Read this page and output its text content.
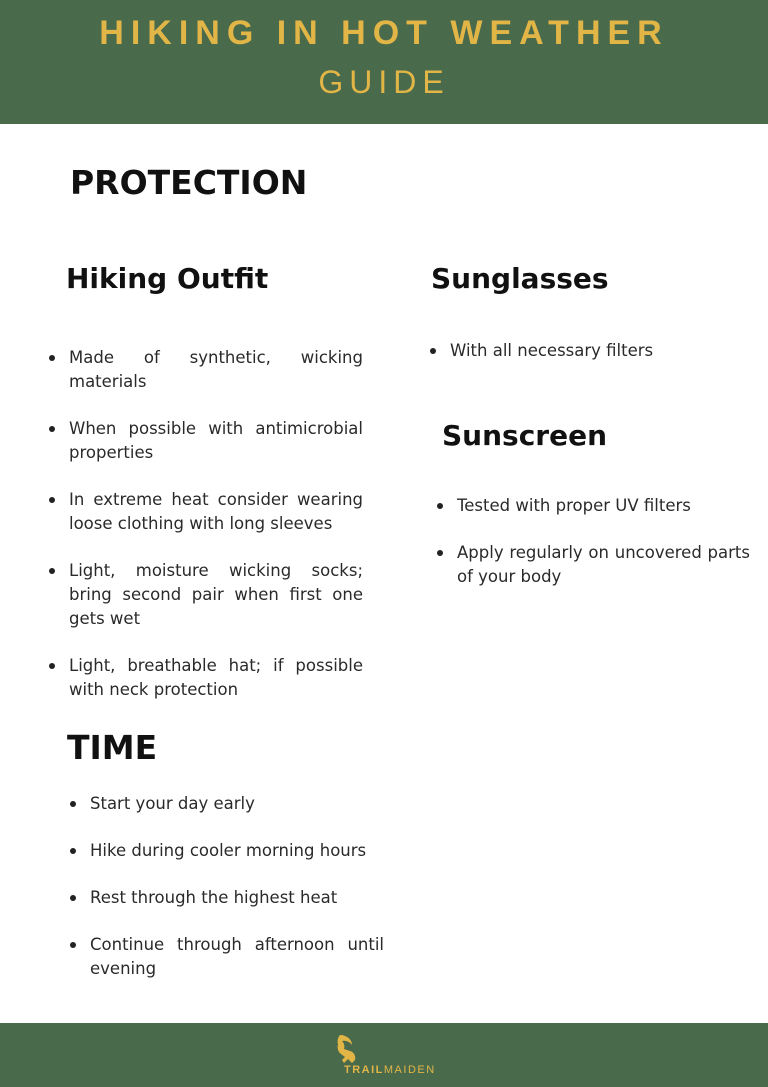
HIKING IN HOT WEATHER
GUIDE
PROTECTION
Hiking Outfit
Made of synthetic, wicking materials
When possible with antimicrobial properties
In extreme heat consider wearing loose clothing with long sleeves
Light, moisture wicking socks; bring second pair when first one gets wet
Light, breathable hat; if possible with neck protection
Sunglasses
With all necessary filters
Sunscreen
Tested with proper UV filters
Apply regularly on uncovered parts of your body
TIME
Start your day early
Hike during cooler morning hours
Rest through the highest heat
Continue through afternoon until evening
TRAILMAIDEN
